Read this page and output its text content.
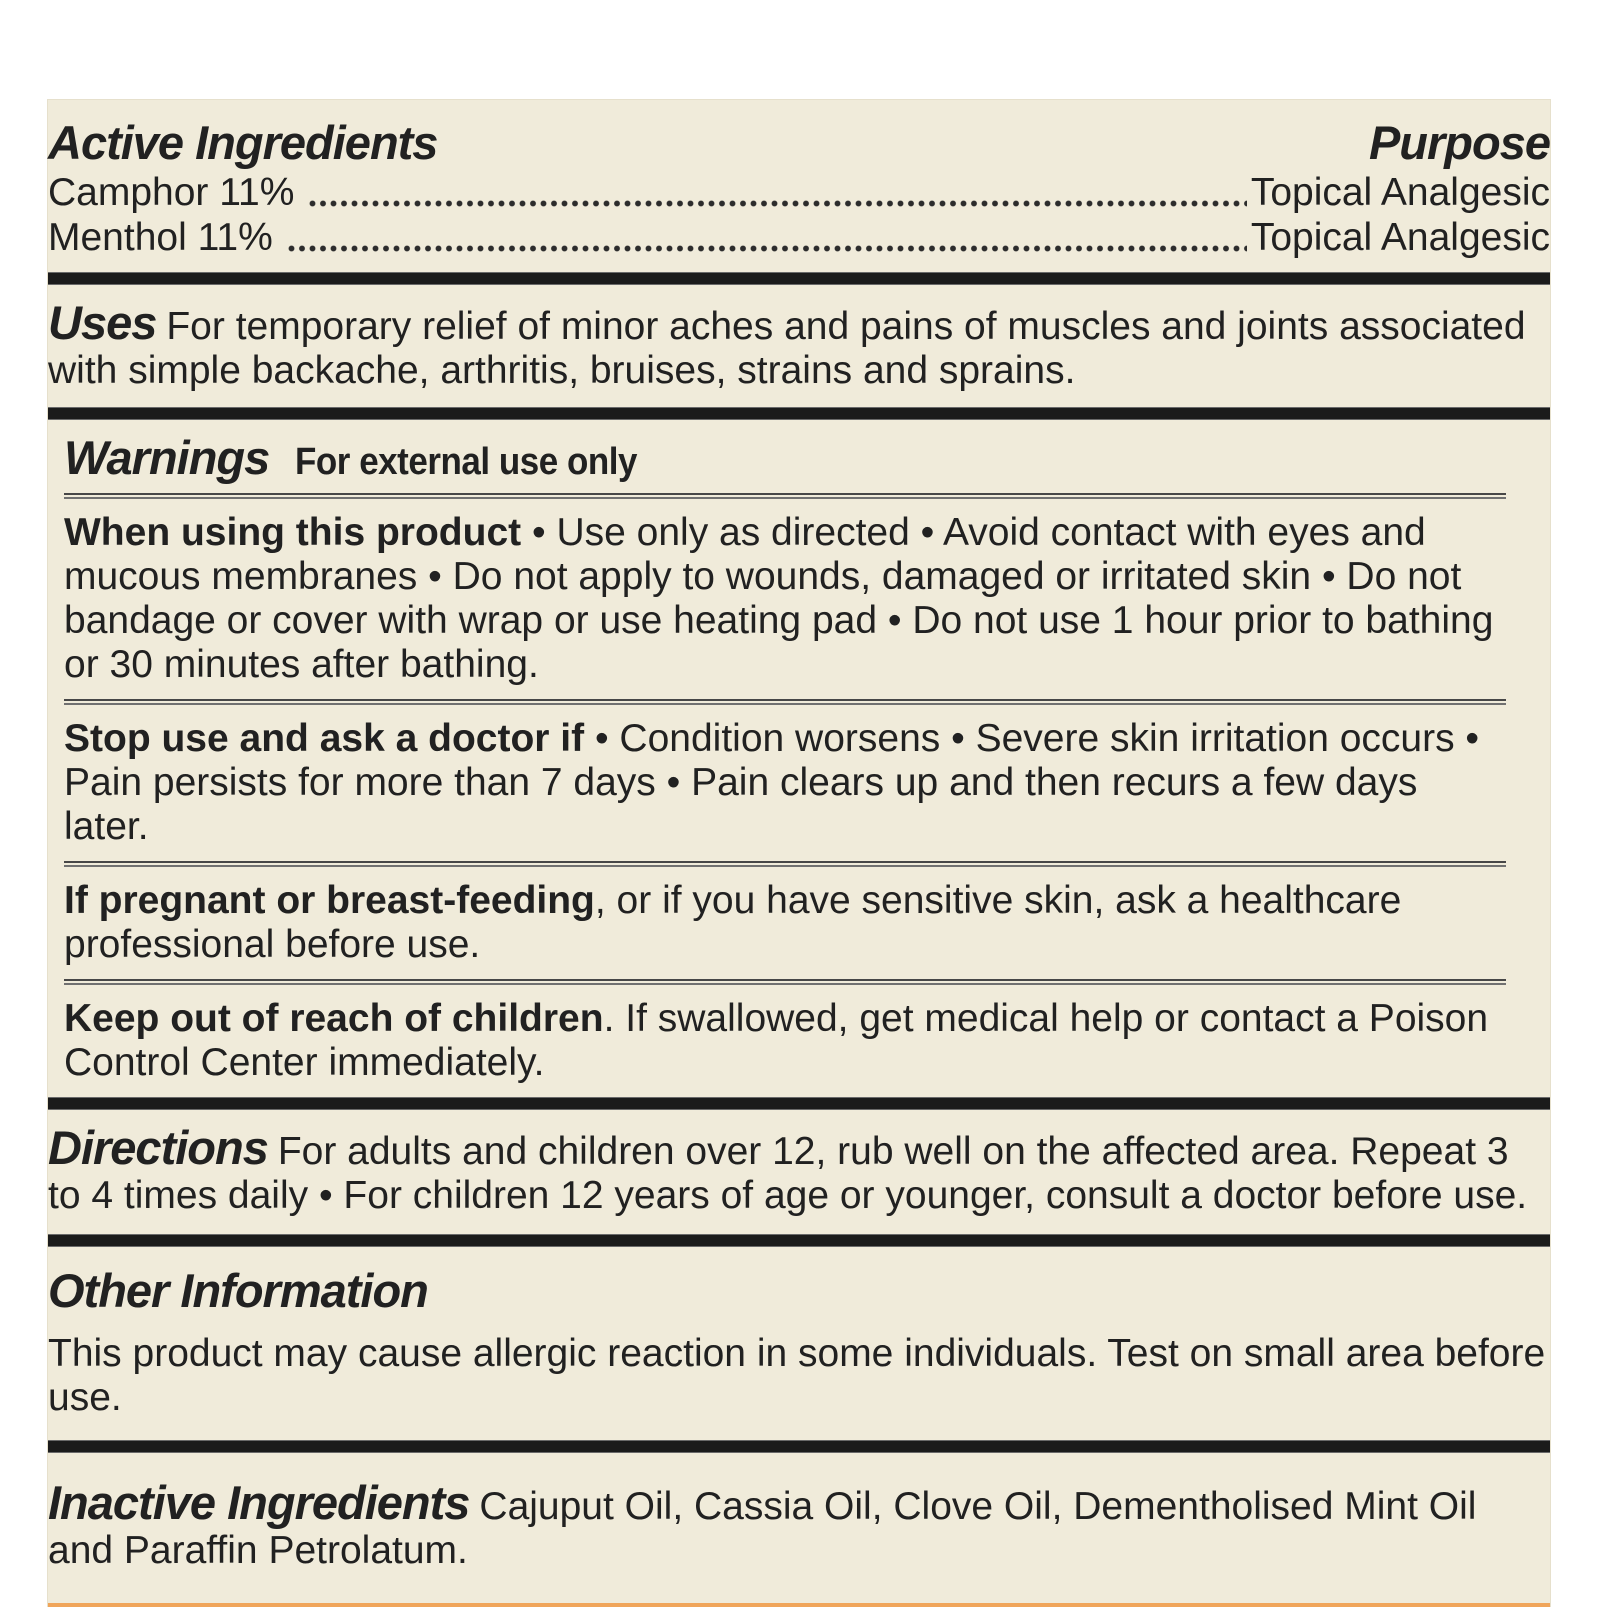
Active Ingredients	Purpose
Camphor 11%	Topical Analgesic
Menthol 11%	Topical Analgesic

Uses For temporary relief of minor aches and pains of muscles and joints associated with simple backache, arthritis, bruises, strains and sprains.

Warnings For external use only

When using this product • Use only as directed • Avoid contact with eyes and mucous membranes • Do not apply to wounds, damaged or irritated skin • Do not bandage or cover with wrap or use heating pad • Do not use 1 hour prior to bathing or 30 minutes after bathing.

Stop use and ask a doctor if • Condition worsens • Severe skin irritation occurs • Pain persists for more than 7 days • Pain clears up and then recurs a few days later.

If pregnant or breast-feeding, or if you have sensitive skin, ask a healthcare professional before use.

Keep out of reach of children. If swallowed, get medical help or contact a Poison Control Center immediately.

Directions For adults and children over 12, rub well on the affected area. Repeat 3 to 4 times daily • For children 12 years of age or younger, consult a doctor before use.

Other Information

This product may cause allergic reaction in some individuals. Test on small area before use.

Inactive Ingredients Cajuput Oil, Cassia Oil, Clove Oil, Dementholised Mint Oil and Paraffin Petrolatum.
